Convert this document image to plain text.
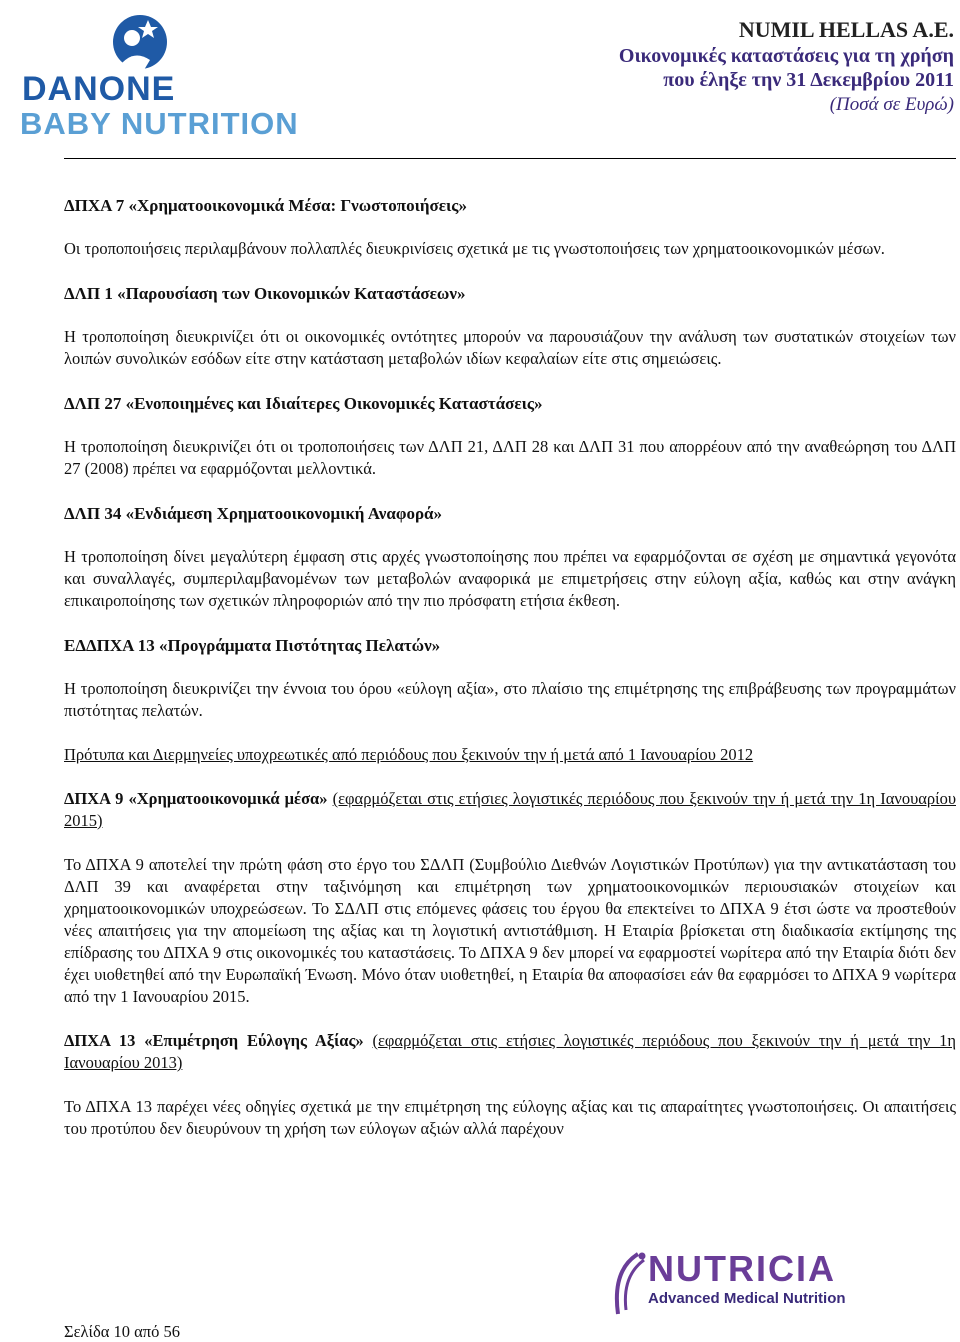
DANONE
BABY NUTRITION
NUMIL HELLAS A.E.
Οικονομικές καταστάσεις για τη χρήση
που έληξε την 31 Δεκεμβρίου 2011
(Ποσά σε Ευρώ)

ΔΠΧΑ 7 «Χρηματοοικονομικά Μέσα: Γνωστοποιήσεις»

Οι τροποποιήσεις περιλαμβάνουν πολλαπλές διευκρινίσεις σχετικά με τις γνωστοποιήσεις των χρηματοοικονομικών μέσων.

ΔΛΠ 1 «Παρουσίαση των Οικονομικών Καταστάσεων»

Η τροποποίηση διευκρινίζει ότι οι οικονομικές οντότητες μπορούν να παρουσιάζουν την ανάλυση των συστατικών στοιχείων των λοιπών συνολικών εσόδων είτε στην κατάσταση μεταβολών ιδίων κεφαλαίων είτε στις σημειώσεις.

ΔΛΠ 27 «Ενοποιημένες και Ιδιαίτερες Οικονομικές Καταστάσεις»

Η τροποποίηση διευκρινίζει ότι οι τροποποιήσεις των ΔΛΠ 21, ΔΛΠ 28 και ΔΛΠ 31 που απορρέουν από την αναθεώρηση του ΔΛΠ 27 (2008) πρέπει να εφαρμόζονται μελλοντικά.

ΔΛΠ 34 «Ενδιάμεση Χρηματοοικονομική Αναφορά»

Η τροποποίηση δίνει μεγαλύτερη έμφαση στις αρχές γνωστοποίησης που πρέπει να εφαρμόζονται σε σχέση με σημαντικά γεγονότα και συναλλαγές, συμπεριλαμβανομένων των μεταβολών αναφορικά με επιμετρήσεις στην εύλογη αξία, καθώς και στην ανάγκη επικαιροποίησης των σχετικών πληροφοριών από την πιο πρόσφατη ετήσια έκθεση.

ΕΔΔΠΧΑ 13 «Προγράμματα Πιστότητας Πελατών»

Η τροποποίηση διευκρινίζει την έννοια του όρου «εύλογη αξία», στο πλαίσιο της επιμέτρησης της επιβράβευσης των προγραμμάτων πιστότητας πελατών.

Πρότυπα και Διερμηνείες υποχρεωτικές από περιόδους που ξεκινούν την ή μετά από 1 Ιανουαρίου 2012

ΔΠΧΑ 9 «Χρηματοοικονομικά μέσα» (εφαρμόζεται στις ετήσιες λογιστικές περιόδους που ξεκινούν την ή μετά την 1η Ιανουαρίου 2015)

Το ΔΠΧΑ 9 αποτελεί την πρώτη φάση στο έργο του ΣΔΛΠ (Συμβούλιο Διεθνών Λογιστικών Προτύπων) για την αντικατάσταση του ΔΛΠ 39 και αναφέρεται στην ταξινόμηση και επιμέτρηση των χρηματοοικονομικών περιουσιακών στοιχείων και χρηματοοικονομικών υποχρεώσεων. Το ΣΔΛΠ στις επόμενες φάσεις του έργου θα επεκτείνει το ΔΠΧΑ 9 έτσι ώστε να προστεθούν νέες απαιτήσεις για την απομείωση της αξίας και τη λογιστική αντιστάθμιση. Η Εταιρία βρίσκεται στη διαδικασία εκτίμησης της επίδρασης του ΔΠΧΑ 9 στις οικονομικές του καταστάσεις. Το ΔΠΧΑ 9 δεν μπορεί να εφαρμοστεί νωρίτερα από την Εταιρία διότι δεν έχει υιοθετηθεί από την Ευρωπαϊκή Ένωση. Μόνο όταν υιοθετηθεί, η Εταιρία θα αποφασίσει εάν θα εφαρμόσει το ΔΠΧΑ 9 νωρίτερα από την 1 Ιανουαρίου 2015.

ΔΠΧΑ 13 «Επιμέτρηση Εύλογης Αξίας» (εφαρμόζεται στις ετήσιες λογιστικές περιόδους που ξεκινούν την ή μετά την 1η Ιανουαρίου 2013)

Το ΔΠΧΑ 13 παρέχει νέες οδηγίες σχετικά με την επιμέτρηση της εύλογης αξίας και τις απαραίτητες γνωστοποιήσεις. Οι απαιτήσεις του προτύπου δεν διευρύνουν τη χρήση των εύλογων αξιών αλλά παρέχουν

NUTRICIA
Advanced Medical Nutrition
Σελίδα 10 από 56
